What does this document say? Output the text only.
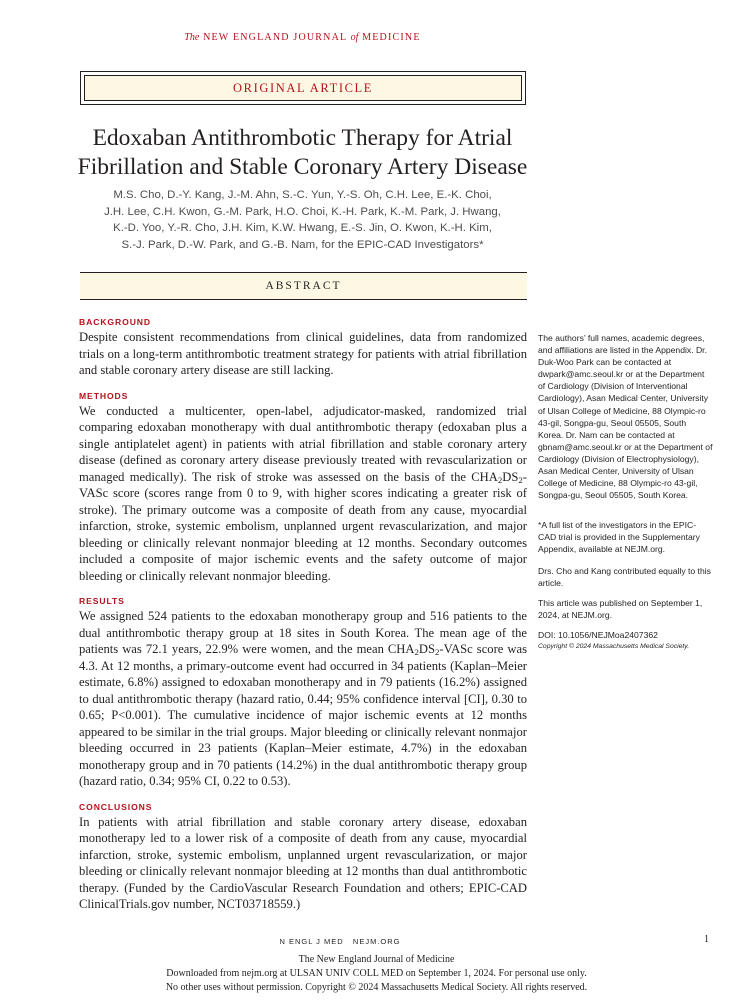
The NEW ENGLAND JOURNAL of MEDICINE
ORIGINAL ARTICLE
Edoxaban Antithrombotic Therapy for Atrial
Fibrillation and Stable Coronary Artery Disease
M.S. Cho, D.-Y. Kang, J.-M. Ahn, S.-C. Yun, Y.-S. Oh, C.H. Lee, E.-K. Choi,
J.H. Lee, C.H. Kwon, G.-M. Park, H.O. Choi, K.-H. Park, K.-M. Park, J. Hwang,
K.-D. Yoo, Y.-R. Cho, J.H. Kim, K.W. Hwang, E.-S. Jin, O. Kwon, K.-H. Kim,
S.-J. Park, D.-W. Park, and G.-B. Nam, for the EPIC-CAD Investigators*
ABSTRACT
BACKGROUND

Despite consistent recommendations from clinical guidelines, data from randomized trials on a long-term antithrombotic treatment strategy for patients with atrial fibrillation and stable coronary artery disease are still lacking.

METHODS

We conducted a multicenter, open-label, adjudicator-masked, randomized trial comparing edoxaban monotherapy with dual antithrombotic therapy (edoxaban plus a single antiplatelet agent) in patients with atrial fibrillation and stable coronary artery disease (defined as coronary artery disease previously treated with revascularization or managed medically). The risk of stroke was assessed on the basis of the $CHA_2DS_2$-VASc score (scores range from 0 to 9, with higher scores indicating a greater risk of stroke). The primary outcome was a composite of death from any cause, myocardial infarction, stroke, systemic embolism, unplanned urgent revascularization, and major bleeding or clinically relevant nonmajor bleeding at 12 months. Secondary outcomes included a composite of major ischemic events and the safety outcome of major bleeding or clinically relevant nonmajor bleeding.

RESULTS

We assigned 524 patients to the edoxaban monotherapy group and 516 patients to the dual antithrombotic therapy group at 18 sites in South Korea. The mean age of the patients was 72.1 years, 22.9% were women, and the mean $CHA_2DS_2$-VASc score was 4.3. At 12 months, a primary-outcome event had occurred in 34 patients (Kaplan–Meier estimate, 6.8%) assigned to edoxaban monotherapy and in 79 patients (16.2%) assigned to dual antithrombotic therapy (hazard ratio, 0.44; 95% confidence interval [CI], 0.30 to 0.65; P<0.001). The cumulative incidence of major ischemic events at 12 months appeared to be similar in the trial groups. Major bleeding or clinically relevant nonmajor bleeding occurred in 23 patients (Kaplan–Meier estimate, 4.7%) in the edoxaban monotherapy group and in 70 patients (14.2%) in the dual antithrombotic therapy group (hazard ratio, 0.34; 95% CI, 0.22 to 0.53).

CONCLUSIONS

In patients with atrial fibrillation and stable coronary artery disease, edoxaban monotherapy led to a lower risk of a composite of death from any cause, myocardial infarction, stroke, systemic embolism, unplanned urgent revascularization, or major bleeding or clinically relevant nonmajor bleeding at 12 months than dual antithrombotic therapy. (Funded by the CardioVascular Research Foundation and others; EPIC-CAD ClinicalTrials.gov number, NCT03718559.)

The authors’ full names, academic degrees, and affiliations are listed in the Appendix. Dr. Duk-Woo Park can be contacted at dwpark@amc.seoul.kr or at the Department of Cardiology (Division of Interventional Cardiology), Asan Medical Center, University of Ulsan College of Medicine, 88 Olympic-ro 43-gil, Songpa-gu, Seoul 05505, South Korea. Dr. Nam can be contacted at gbnam@amc.seoul.kr or at the Department of Cardiology (Division of Electrophysiology), Asan Medical Center, University of Ulsan College of Medicine, 88 Olympic-ro 43-gil, Songpa-gu, Seoul 05505, South Korea.

*A full list of the investigators in the EPIC-CAD trial is provided in the Supplementary Appendix, available at NEJM.org.

Drs. Cho and Kang contributed equally to this article.

This article was published on September 1, 2024, at NEJM.org.

DOI: 10.1056/NEJMoa2407362

Copyright © 2024 Massachusetts Medical Society.

N ENGL J MED   NEJM.ORG	1
The New England Journal of Medicine
Downloaded from nejm.org at ULSAN UNIV COLL MED on September 1, 2024. For personal use only.
No other uses without permission. Copyright © 2024 Massachusetts Medical Society. All rights reserved.
